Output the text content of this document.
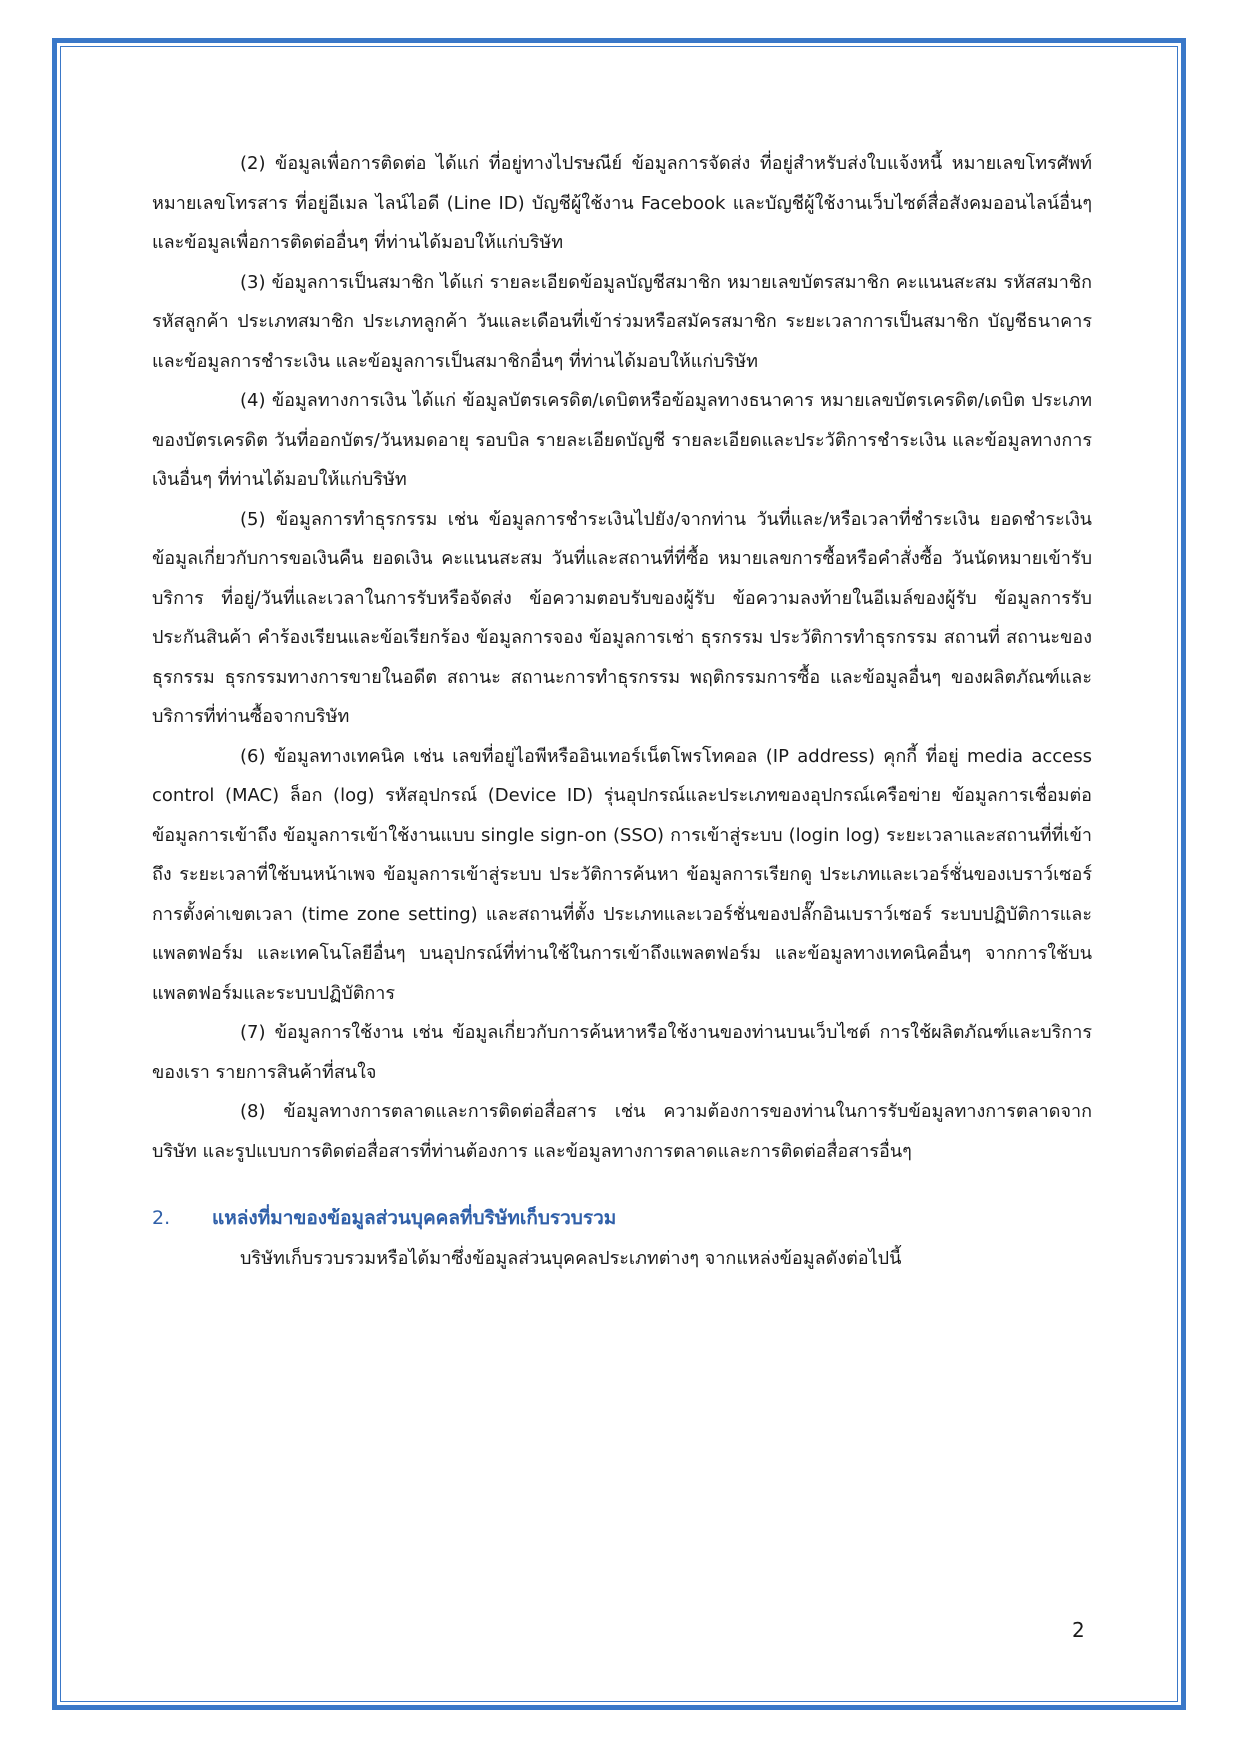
(2) ข้อมูลเพื่อการติดต่อ ได้แก่ ที่อยู่ทางไปรษณีย์ ข้อมูลการจัดส่ง ที่อยู่สำหรับส่งใบแจ้งหนี้ หมายเลขโทรศัพท์ หมายเลขโทรสาร ที่อยู่อีเมล ไลน์ไอดี (Line ID) บัญชีผู้ใช้งาน Facebook และบัญชีผู้ใช้งานเว็บไซต์สื่อสังคมออนไลน์อื่นๆ และข้อมูลเพื่อการติดต่ออื่นๆ ที่ท่านได้มอบให้แก่บริษัท

(3) ข้อมูลการเป็นสมาชิก ได้แก่ รายละเอียดข้อมูลบัญชีสมาชิก หมายเลขบัตรสมาชิก คะแนนสะสม รหัสสมาชิก รหัสลูกค้า ประเภทสมาชิก ประเภทลูกค้า วันและเดือนที่เข้าร่วมหรือสมัครสมาชิก ระยะเวลาการเป็นสมาชิก บัญชีธนาคาร และข้อมูลการชำระเงิน และข้อมูลการเป็นสมาชิกอื่นๆ ที่ท่านได้มอบให้แก่บริษัท

(4) ข้อมูลทางการเงิน ได้แก่ ข้อมูลบัตรเครดิต/เดบิตหรือข้อมูลทางธนาคาร หมายเลขบัตรเครดิต/เดบิต ประเภทของบัตรเครดิต วันที่ออกบัตร/วันหมดอายุ รอบบิล รายละเอียดบัญชี รายละเอียดและประวัติการชำระเงิน และข้อมูลทางการเงินอื่นๆ ที่ท่านได้มอบให้แก่บริษัท

(5) ข้อมูลการทำธุรกรรม เช่น ข้อมูลการชำระเงินไปยัง/จากท่าน วันที่และ/หรือเวลาที่ชำระเงิน ยอดชำระเงิน ข้อมูลเกี่ยวกับการขอเงินคืน ยอดเงิน คะแนนสะสม วันที่และสถานที่ที่ซื้อ หมายเลขการซื้อหรือคำสั่งซื้อ วันนัดหมายเข้ารับบริการ ที่อยู่/วันที่และเวลาในการรับหรือจัดส่ง ข้อความตอบรับของผู้รับ ข้อความลงท้ายในอีเมล์ของผู้รับ ข้อมูลการรับประกันสินค้า คำร้องเรียนและข้อเรียกร้อง ข้อมูลการจอง ข้อมูลการเช่า ธุรกรรม ประวัติการทำธุรกรรม สถานที่ สถานะของธุรกรรม ธุรกรรมทางการขายในอดีต สถานะ สถานะการทำธุรกรรม พฤติกรรมการซื้อ และข้อมูลอื่นๆ ของผลิตภัณฑ์และบริการที่ท่านซื้อจากบริษัท

(6) ข้อมูลทางเทคนิค เช่น เลขที่อยู่ไอพีหรืออินเทอร์เน็ตโพรโทคอล (IP address) คุกกี้ ที่อยู่ media access control (MAC) ล็อก (log) รหัสอุปกรณ์ (Device ID) รุ่นอุปกรณ์และประเภทของอุปกรณ์เครือข่าย ข้อมูลการเชื่อมต่อ ข้อมูลการเข้าถึง ข้อมูลการเข้าใช้งานแบบ single sign-on (SSO) การเข้าสู่ระบบ (login log) ระยะเวลาและสถานที่ที่เข้าถึง ระยะเวลาที่ใช้บนหน้าเพจ ข้อมูลการเข้าสู่ระบบ ประวัติการค้นหา ข้อมูลการเรียกดู ประเภทและเวอร์ชั่นของเบราว์เซอร์ การตั้งค่าเขตเวลา (time zone setting) และสถานที่ตั้ง ประเภทและเวอร์ชั่นของปลั๊กอินเบราว์เซอร์ ระบบปฏิบัติการและแพลตฟอร์ม และเทคโนโลยีอื่นๆ บนอุปกรณ์ที่ท่านใช้ในการเข้าถึงแพลตฟอร์ม และข้อมูลทางเทคนิคอื่นๆ จากการใช้บนแพลตฟอร์มและระบบปฏิบัติการ

(7) ข้อมูลการใช้งาน เช่น ข้อมูลเกี่ยวกับการค้นหาหรือใช้งานของท่านบนเว็บไซต์ การใช้ผลิตภัณฑ์และบริการของเรา รายการสินค้าที่สนใจ

(8) ข้อมูลทางการตลาดและการติดต่อสื่อสาร เช่น ความต้องการของท่านในการรับข้อมูลทางการตลาดจากบริษัท และรูปแบบการติดต่อสื่อสารที่ท่านต้องการ และข้อมูลทางการตลาดและการติดต่อสื่อสารอื่นๆ

2.	แหล่งที่มาของข้อมูลส่วนบุคคลที่บริษัทเก็บรวบรวม

บริษัทเก็บรวบรวมหรือได้มาซึ่งข้อมูลส่วนบุคคลประเภทต่างๆ จากแหล่งข้อมูลดังต่อไปนี้

2
